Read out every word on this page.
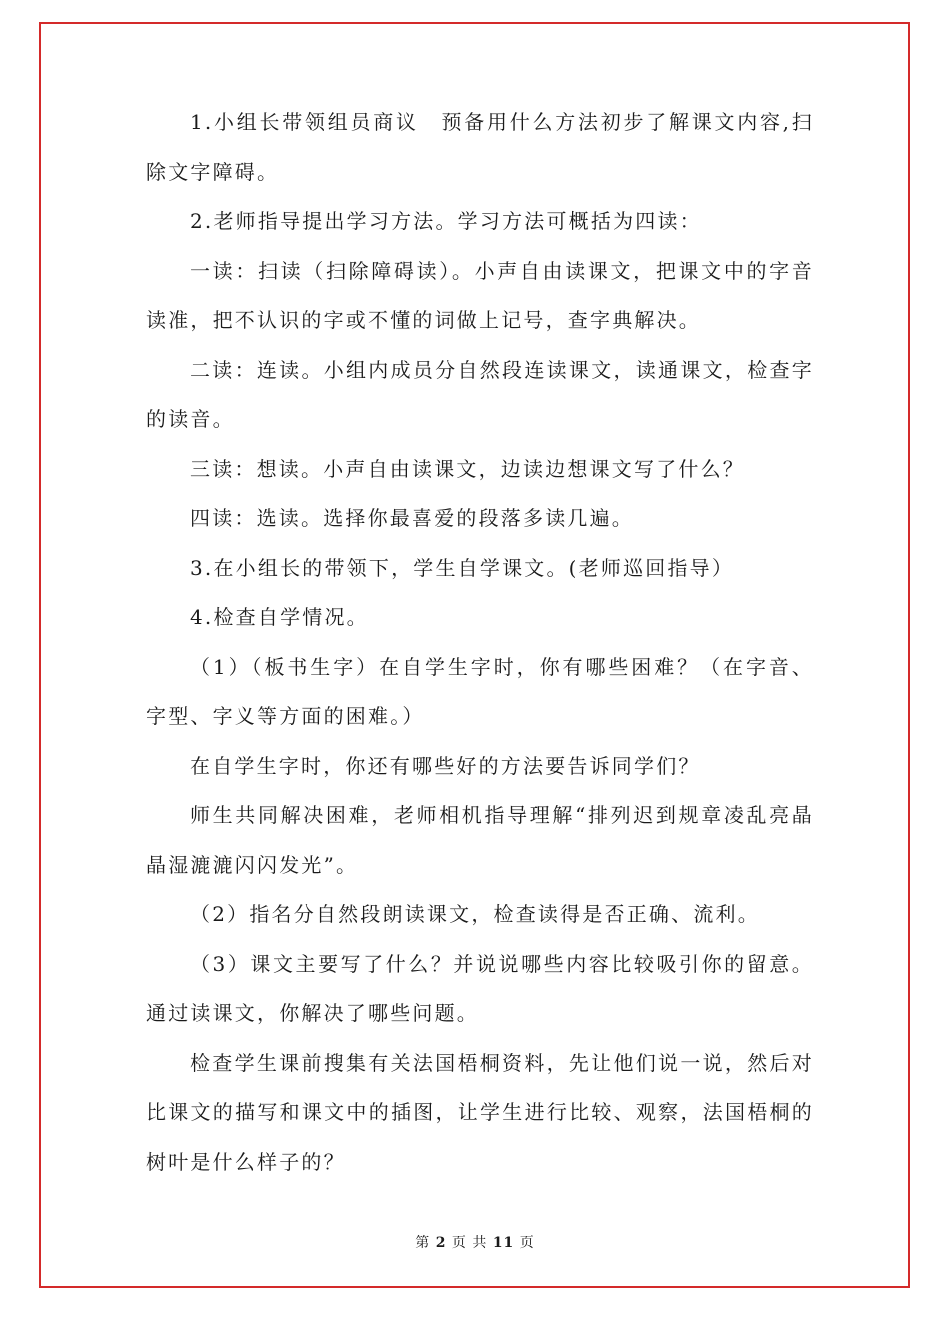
1.小组长带领组员商议　预备用什么方法初步了解课文内容,扫除文字障碍。

2.老师指导提出学习方法。学习方法可概括为四读：

一读：扫读（扫除障碍读）。小声自由读课文，把课文中的字音读准，把不认识的字或不懂的词做上记号，查字典解决。

二读：连读。小组内成员分自然段连读课文，读通课文，检查字的读音。

三读：想读。小声自由读课文，边读边想课文写了什么？

四读：选读。选择你最喜爱的段落多读几遍。

3.在小组长的带领下，学生自学课文。(老师巡回指导）

4.检查自学情况。

（1）（板书生字）在自学生字时，你有哪些困难？（在字音、字型、字义等方面的困难。）

在自学生字时，你还有哪些好的方法要告诉同学们？

师生共同解决困难，老师相机指导理解“排列迟到规章凌乱亮晶晶湿漉漉闪闪发光”。

（2）指名分自然段朗读课文，检查读得是否正确、流利。

（3）课文主要写了什么？并说说哪些内容比较吸引你的留意。通过读课文，你解决了哪些问题。

检查学生课前搜集有关法国梧桐资料，先让他们说一说，然后对比课文的描写和课文中的插图，让学生进行比较、观察，法国梧桐的树叶是什么样子的？

第 2 页 共 11 页
